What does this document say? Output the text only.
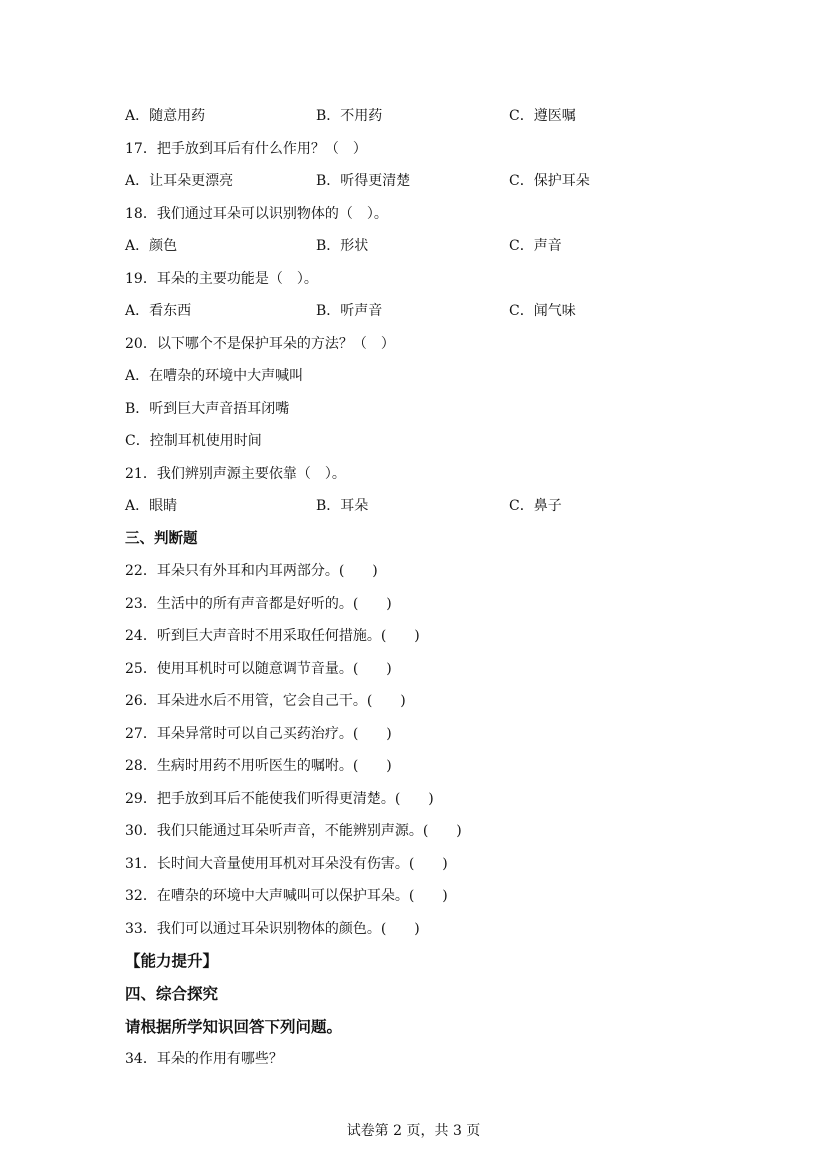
A．随意用药	B．不用药	C．遵医嘱
17．把手放到耳后有什么作用？（　）
A．让耳朵更漂亮	B．听得更清楚	C．保护耳朵
18．我们通过耳朵可以识别物体的（　）。
A．颜色	B．形状	C．声音
19．耳朵的主要功能是（　）。
A．看东西	B．听声音	C．闻气味
20．以下哪个不是保护耳朵的方法？（　）
A．在嘈杂的环境中大声喊叫
B．听到巨大声音捂耳闭嘴
C．控制耳机使用时间
21．我们辨别声源主要依靠（　）。
A．眼睛	B．耳朵	C．鼻子
三、判断题
22．耳朵只有外耳和内耳两部分。(　　)
23．生活中的所有声音都是好听的。(　　)
24．听到巨大声音时不用采取任何措施。(　　)
25．使用耳机时可以随意调节音量。(　　)
26．耳朵进水后不用管，它会自己干。(　　)
27．耳朵异常时可以自己买药治疗。(　　)
28．生病时用药不用听医生的嘱咐。(　　)
29．把手放到耳后不能使我们听得更清楚。(　　)
30．我们只能通过耳朵听声音，不能辨别声源。(　　)
31．长时间大音量使用耳机对耳朵没有伤害。(　　)
32．在嘈杂的环境中大声喊叫可以保护耳朵。(　　)
33．我们可以通过耳朵识别物体的颜色。(　　)
【能力提升】
四、综合探究
请根据所学知识回答下列问题。
34．耳朵的作用有哪些？
试卷第 2 页，共 3 页
